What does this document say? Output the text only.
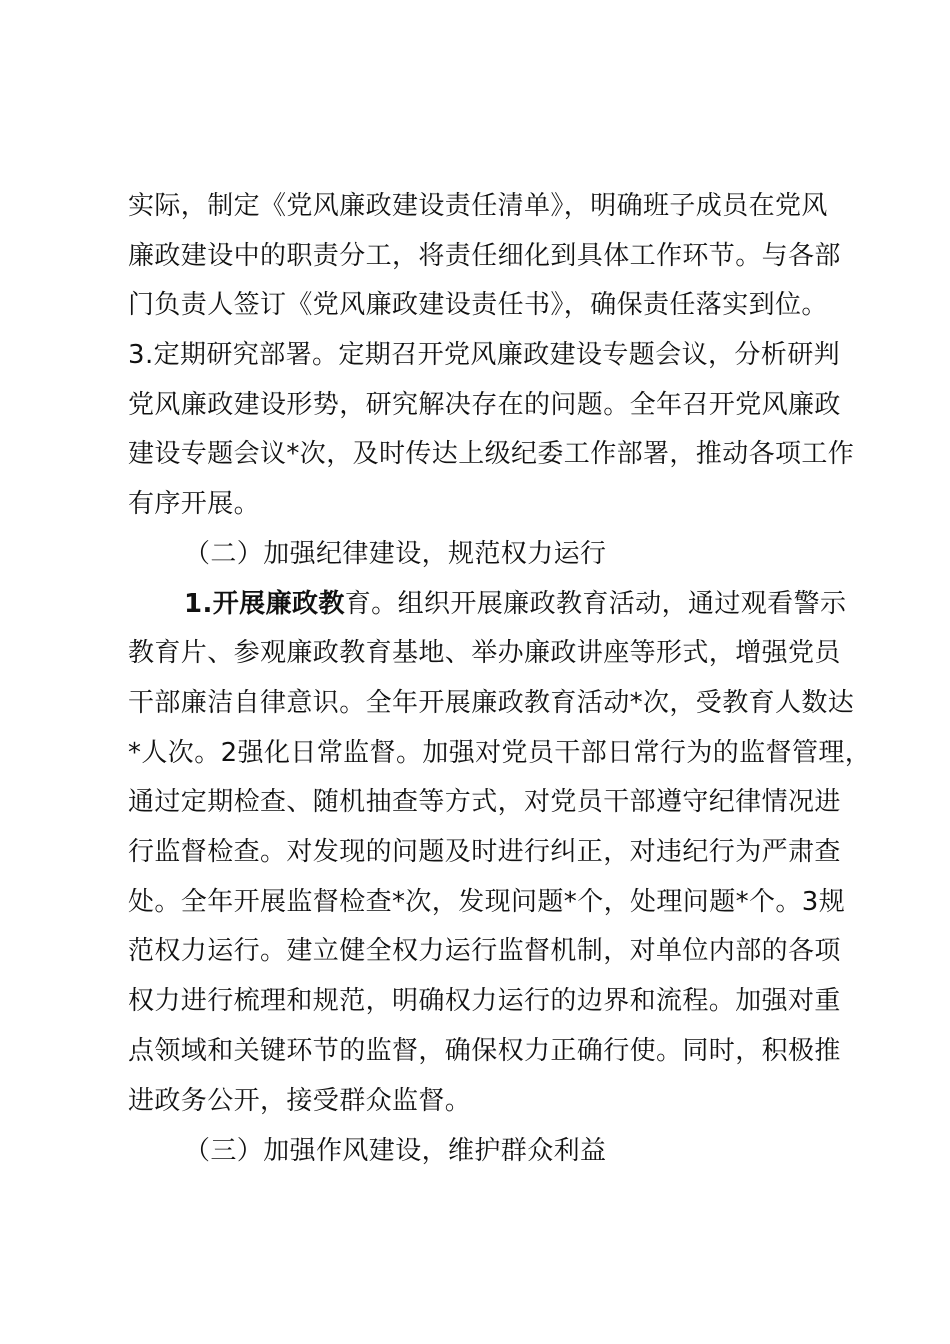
实际，制定《党风廉政建设责任清单》，明确班子成员在党风
廉政建设中的职责分工，将责任细化到具体工作环节。与各部
门负责人签订《党风廉政建设责任书》，确保责任落实到位。
3.定期研究部署。定期召开党风廉政建设专题会议，分析研判
党风廉政建设形势，研究解决存在的问题。全年召开党风廉政
建设专题会议*次，及时传达上级纪委工作部署，推动各项工作
有序开展。
（二）加强纪律建设，规范权力运行
1.开展廉政教育。组织开展廉政教育活动，通过观看警示
教育片、参观廉政教育基地、举办廉政讲座等形式，增强党员
干部廉洁自律意识。全年开展廉政教育活动*次，受教育人数达
*人次。2强化日常监督。加强对党员干部日常行为的监督管理，
通过定期检查、随机抽查等方式，对党员干部遵守纪律情况进
行监督检查。对发现的问题及时进行纠正，对违纪行为严肃查
处。全年开展监督检查*次，发现问题*个，处理问题*个。3规
范权力运行。建立健全权力运行监督机制，对单位内部的各项
权力进行梳理和规范，明确权力运行的边界和流程。加强对重
点领域和关键环节的监督，确保权力正确行使。同时，积极推
进政务公开，接受群众监督。
（三）加强作风建设，维护群众利益
